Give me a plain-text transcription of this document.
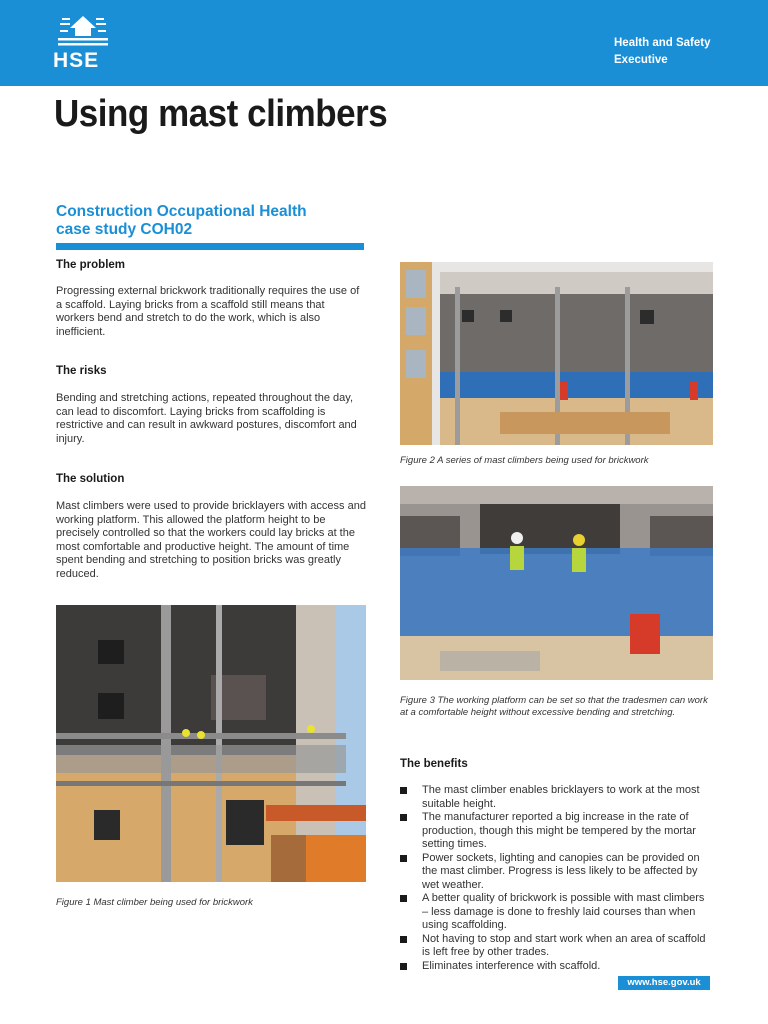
HSE
Health and Safety
Executive
Using mast climbers
Construction Occupational Health
case study COH02
The problem

Progressing external brickwork traditionally requires the use of a scaffold. Laying bricks from a scaffold still means that workers bend and stretch to do the work, which is also inefficient.

The risks

Bending and stretching actions, repeated throughout the day, can lead to discomfort. Laying bricks from scaffolding is restrictive and can result in awkward postures, discomfort and injury.

The solution

Mast climbers were used to provide bricklayers with access and working platform. This allowed the platform height to be precisely controlled so that the workers could lay bricks at the most comfortable and productive height. The amount of time spent bending and stretching to position bricks was greatly reduced.

Figure 1 Mast climber being used for brickwork

Figure 2 A series of mast climbers being used for brickwork

Figure 3 The working platform can be set so that the tradesmen can work at a comfortable height without excessive bending and stretching.

The benefits
The mast climber enables bricklayers to work at the most suitable height.
The manufacturer reported a big increase in the rate of production, though this might be tempered by the mortar setting times.
Power sockets, lighting and canopies can be provided on the mast climber. Progress is less likely to be affected by wet weather.
A better quality of brickwork is possible with mast climbers – less damage is done to freshly laid courses than when using scaffolding.
Not having to stop and start work when an area of scaffold is left free by other trades.
Eliminates interference with scaffold.
www.hse.gov.uk
